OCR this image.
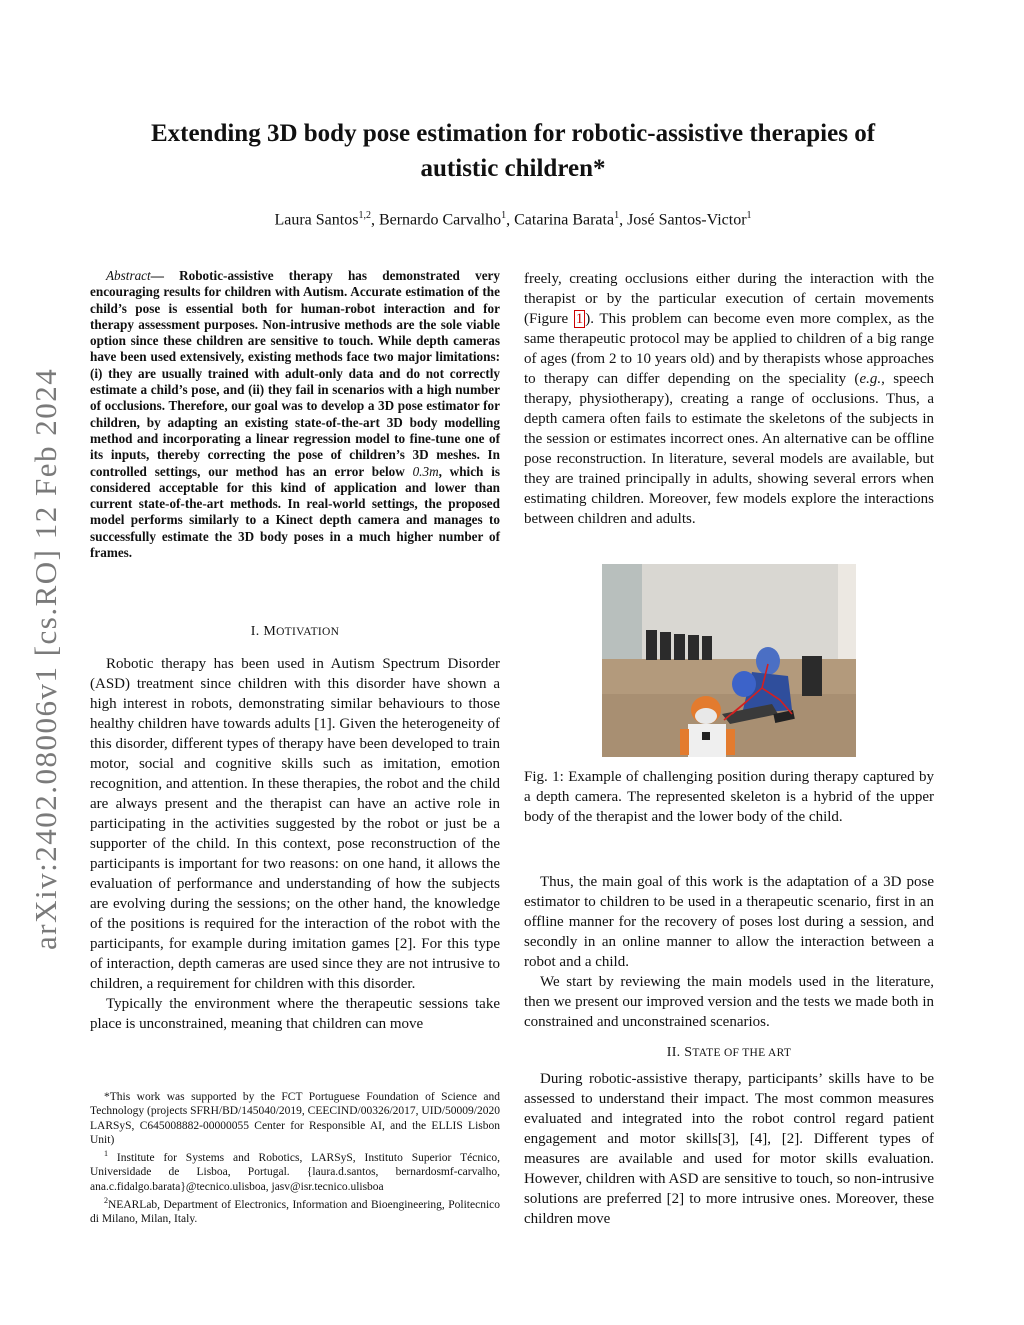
arXiv:2402.08006v1 [cs.RO] 12 Feb 2024
Extending 3D body pose estimation for robotic-assistive therapies of
autistic children*
Laura Santos$^{1,2}$, Bernardo Carvalho$^1$, Catarina Barata$^1$, José Santos-Victor$^1$
Abstract— Robotic-assistive therapy has demonstrated very encouraging results for children with Autism. Accurate estimation of the child’s pose is essential both for human-robot interaction and for therapy assessment purposes. Non-intrusive methods are the sole viable option since these children are sensitive to touch. While depth cameras have been used extensively, existing methods face two major limitations: (i) they are usually trained with adult-only data and do not correctly estimate a child’s pose, and (ii) they fail in scenarios with a high number of occlusions. Therefore, our goal was to develop a 3D pose estimator for children, by adapting an existing state-of-the-art 3D body modelling method and incorporating a linear regression model to fine-tune one of its inputs, thereby correcting the pose of children’s 3D meshes. In controlled settings, our method has an error below 0.3m, which is considered acceptable for this kind of application and lower than current state-of-the-art methods. In real-world settings, the proposed model performs similarly to a Kinect depth camera and manages to successfully estimate the 3D body poses in a much higher number of frames.
I. MOTIVATION

Robotic therapy has been used in Autism Spectrum Disorder (ASD) treatment since children with this disorder have shown a high interest in robots, demonstrating similar behaviours to those healthy children have towards adults [1]. Given the heterogeneity of this disorder, different types of therapy have been developed to train motor, social and cognitive skills such as imitation, emotion recognition, and attention. In these therapies, the robot and the child are always present and the therapist can have an active role in participating in the activities suggested by the robot or just be a supporter of the child. In this context, pose reconstruction of the participants is important for two reasons: on one hand, it allows the evaluation of performance and understanding of how the subjects are evolving during the sessions; on the other hand, the knowledge of the positions is required for the interaction of the robot with the participants, for example during imitation games [2]. For this type of interaction, depth cameras are used since they are not intrusive to children, a requirement for children with this disorder.

Typically the environment where the therapeutic sessions take place is unconstrained, meaning that children can move

*This work was supported by the FCT Portuguese Foundation of Science and Technology (projects SFRH/BD/145040/2019, CEECIND/00326/2017, UID/50009/2020 LARSyS, C645008882-00000055 Center for Responsible AI, and the ELLIS Lisbon Unit)

$^1$ Institute for Systems and Robotics, LARSyS, Instituto Superior Técnico, Universidade de Lisboa, Portugal. {laura.d.santos, bernardosmf-carvalho, ana.c.fidalgo.barata}@tecnico.ulisboa, jasv@isr.tecnico.ulisboa

$^2$NEARLab, Department of Electronics, Information and Bioengineering, Politecnico di Milano, Milan, Italy.

freely, creating occlusions either during the interaction with the therapist or by the particular execution of certain movements (Figure 1 ). This problem can become even more complex, as the same therapeutic protocol may be applied to children of a big range of ages (from 2 to 10 years old) and by therapists whose approaches to therapy can differ depending on the speciality (e.g., speech therapy, physiotherapy), creating a range of occlusions. Thus, a depth camera often fails to estimate the skeletons of the subjects in the session or estimates incorrect ones. An alternative can be offline pose reconstruction. In literature, several models are available, but they are trained principally in adults, showing several errors when estimating children. Moreover, few models explore the interactions between children and adults.

Fig. 1: Example of challenging position during therapy captured by a depth camera. The represented skeleton is a hybrid of the upper body of the therapist and the lower body of the child.

Thus, the main goal of this work is the adaptation of a 3D pose estimator to children to be used in a therapeutic scenario, first in an offline manner for the recovery of poses lost during a session, and secondly in an online manner to allow the interaction between a robot and a child.

We start by reviewing the main models used in the literature, then we present our improved version and the tests we made both in constrained and unconstrained scenarios.

II. STATE OF THE ART

During robotic-assistive therapy, participants’ skills have to be assessed to understand their impact. The most common measures evaluated and integrated into the robot control regard patient engagement and motor skills[3], [4], [2]. Different types of measures are available and used for motor skills evaluation. However, children with ASD are sensitive to touch, so non-intrusive solutions are preferred [2] to more intrusive ones. Moreover, these children move
